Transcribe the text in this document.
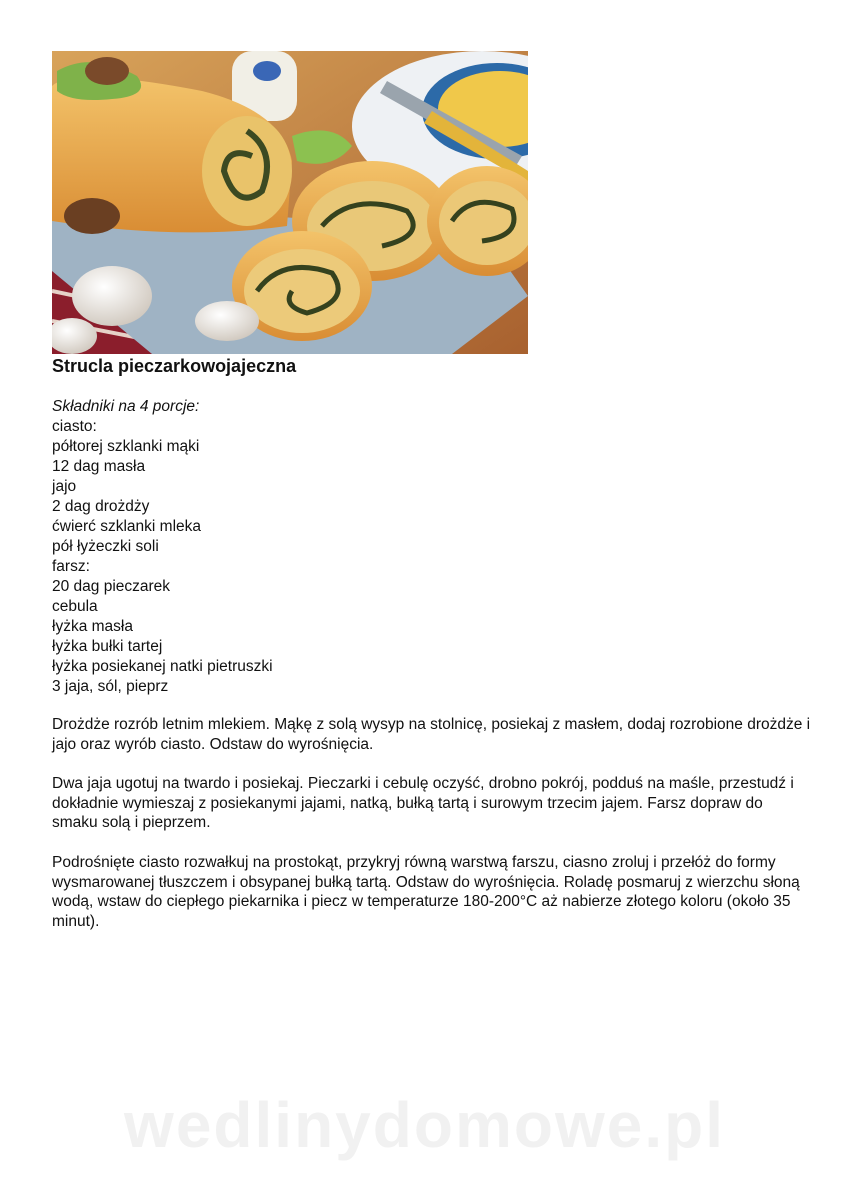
Strucla pieczarkowojajeczna
Składniki na 4 porcje:
ciasto:
półtorej szklanki mąki
12 dag masła
jajo
2 dag drożdży
ćwierć szklanki mleka
pół łyżeczki soli
farsz:
20 dag pieczarek
cebula
łyżka masła
łyżka bułki tartej
łyżka posiekanej natki pietruszki
3 jaja, sól, pieprz

Drożdże rozrób letnim mlekiem. Mąkę z solą wysyp na stolnicę, posiekaj z masłem, dodaj rozrobione drożdże i jajo oraz wyrób ciasto. Odstaw do wyrośnięcia.

Dwa jaja ugotuj na twardo i posiekaj. Pieczarki i cebulę oczyść, drobno pokrój, podduś na maśle, przestudź i dokładnie wymieszaj z posiekanymi jajami, natką, bułką tartą i surowym trzecim jajem. Farsz dopraw do smaku solą i pieprzem.

Podrośnięte ciasto rozwałkuj na prostokąt, przykryj równą warstwą farszu, ciasno zroluj i przełóż do formy wysmarowanej tłuszczem i obsypanej bułką tartą. Odstaw do wyrośnięcia. Roladę posmaruj z wierzchu słoną wodą, wstaw do ciepłego piekarnika i piecz w temperaturze 180-200°C aż nabierze złotego koloru (około 35 minut).

wedlinydomowe.pl
